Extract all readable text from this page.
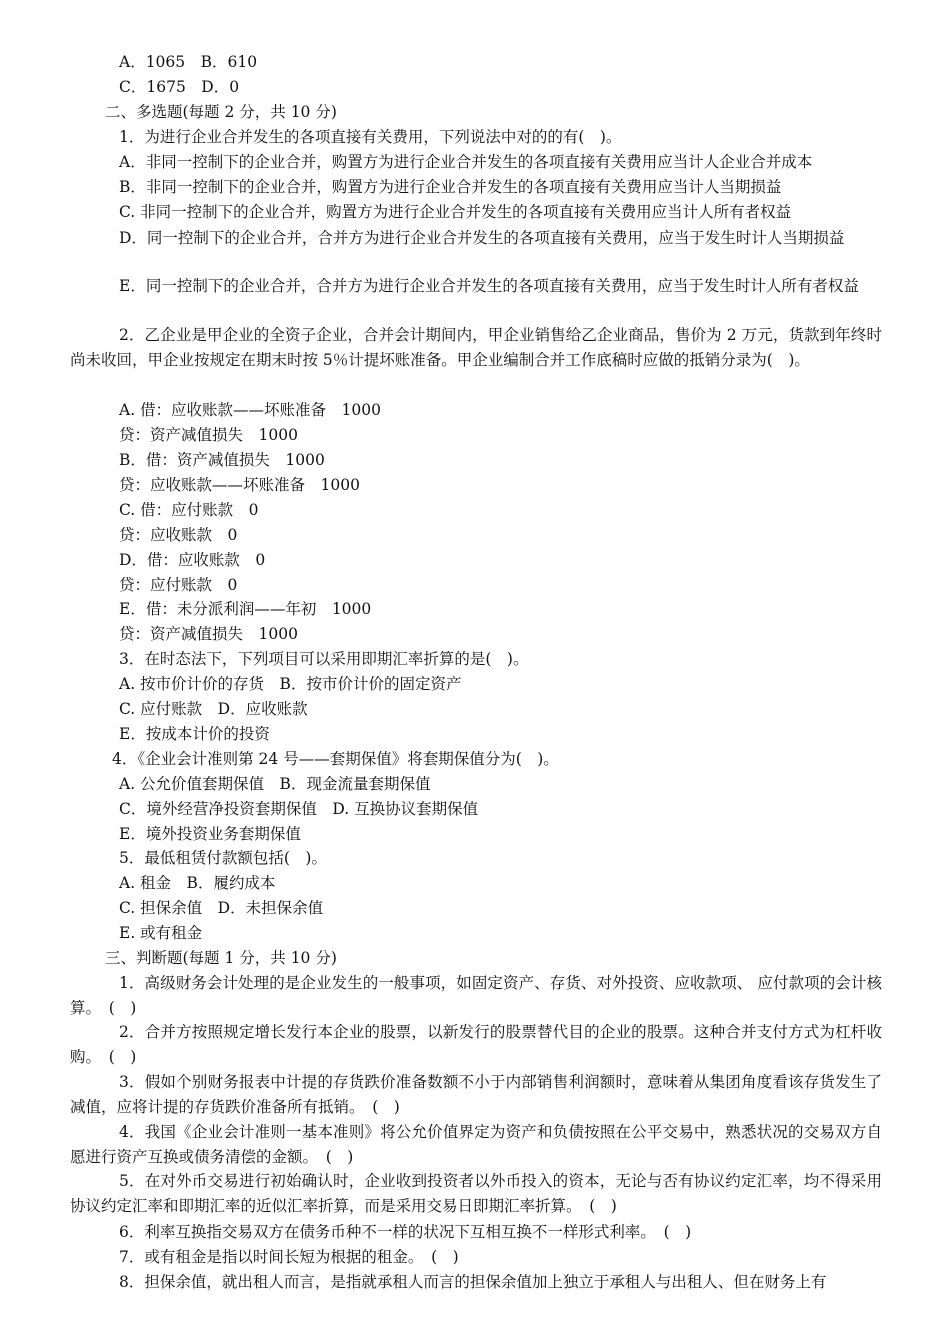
A．1065　B．610
C．1675　D．0
二、多选题(每题 2 分，共 10 分)
1．为进行企业合并发生的各项直接有关费用，下列说法中对的的有(　)。
A．非同一控制下的企业合并，购置方为进行企业合并发生的各项直接有关费用应当计人企业合并成本
B．非同一控制下的企业合并，购置方为进行企业合并发生的各项直接有关费用应当计人当期损益
C. 非同一控制下的企业合并，购置方为进行企业合并发生的各项直接有关费用应当计人所有者权益
D．同一控制下的企业合并，合并方为进行企业合并发生的各项直接有关费用，应当于发生时计人当期损益
E．同一控制下的企业合并，合并方为进行企业合并发生的各项直接有关费用，应当于发生时计人所有者权益
2．乙企业是甲企业的全资子企业，合并会计期间内，甲企业销售给乙企业商品，售价为 2 万元，货款到年终时尚未收回，甲企业按规定在期末时按 5％计提坏账准备。甲企业编制合并工作底稿时应做的抵销分录为(　)。
A. 借：应收账款——坏账准备　1000
贷：资产减值损失　1000
B．借：资产减值损失　1000
贷：应收账款——坏账准备　1000
C. 借：应付账款　0
贷：应收账款　0
D．借：应收账款　0
贷：应付账款　0
E．借：未分派利润——年初　1000
贷：资产减值损失　1000
3．在时态法下，下列项目可以采用即期汇率折算的是(　)。
A. 按市价计价的存货　B．按市价计价的固定资产
C. 应付账款　D．应收账款
E．按成本计价的投资
4．《企业会计准则第 24 号——套期保值》将套期保值分为(　)。
A. 公允价值套期保值　B．现金流量套期保值
C．境外经营净投资套期保值　D. 互换协议套期保值
E．境外投资业务套期保值
5．最低租赁付款额包括(　)。
A. 租金　B．履约成本
C. 担保余值　D．未担保余值
E. 或有租金
三、判断题(每题 1 分，共 10 分)
1．高级财务会计处理的是企业发生的一般事项，如固定资产、存货、对外投资、应收款项、 应付款项的会计核算。　(　)
2．合并方按照规定增长发行本企业的股票，以新发行的股票替代目的企业的股票。这种合并支付方式为杠杆收购。　(　)
3．假如个别财务报表中计提的存货跌价准备数额不小于内部销售利润额时，意味着从集团角度看该存货发生了减值，应将计提的存货跌价准备所有抵销。　(　)
4．我国《企业会计准则一基本准则》将公允价值界定为资产和负债按照在公平交易中，熟悉状况的交易双方自愿进行资产互换或债务清偿的金额。　(　)
5．在对外币交易进行初始确认时，企业收到投资者以外币投入的资本，无论与否有协议约定汇率，均不得采用协议约定汇率和即期汇率的近似汇率折算，而是采用交易日即期汇率折算。　(　)
6．利率互换指交易双方在债务币种不一样的状况下互相互换不一样形式利率。　(　)
7．或有租金是指以时间长短为根据的租金。　(　)
8．担保余值，就出租人而言，是指就承租人而言的担保余值加上独立于承租人与出租人、但在财务上有
